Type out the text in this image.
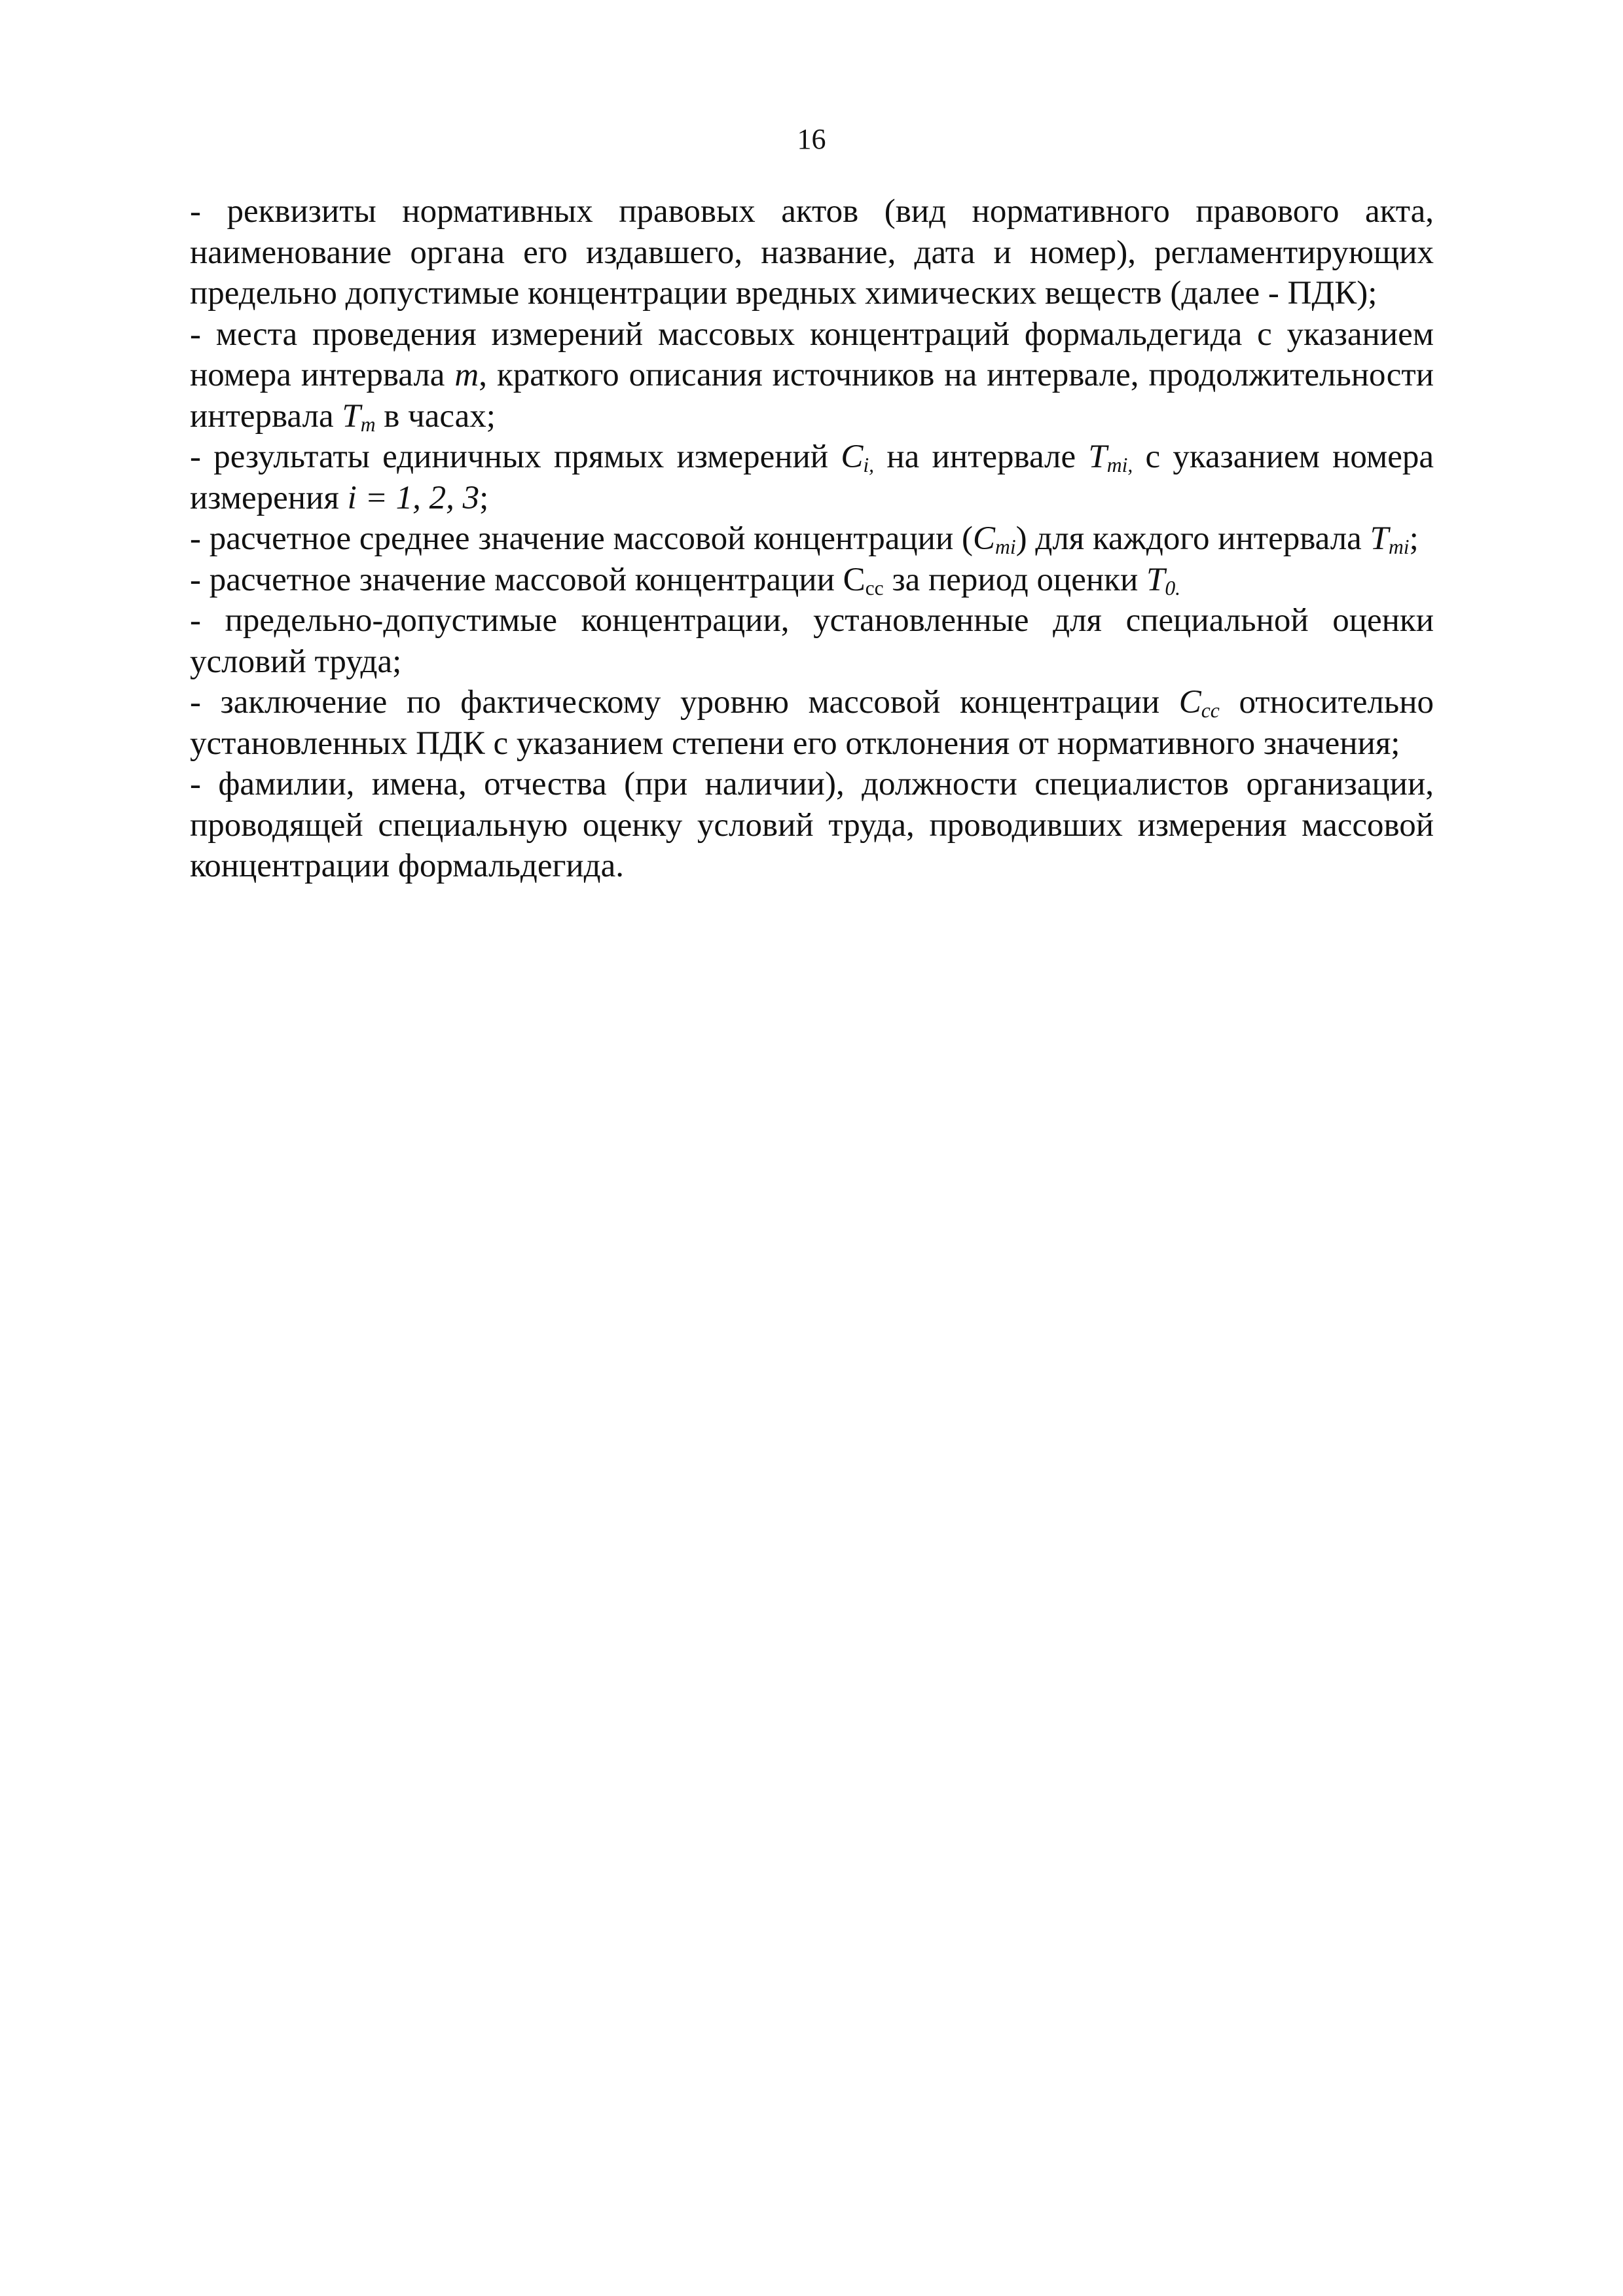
16

- реквизиты нормативных правовых актов (вид нормативного правового акта, наименование органа его издавшего, название, дата и номер), регламентирующих предельно допустимые концентрации вредных химических веществ (далее - ПДК);

- места проведения измерений массовых концентраций формальдегида с указанием номера интервала m, краткого описания источников на интервале, продолжительности интервала $T_m$ в часах;

- результаты единичных прямых измерений $C_{i,}$ на интервале $T_{mi,}$ с указанием номера измерения i = 1, 2, 3;

- расчетное среднее значение массовой концентрации $(C_{mi})$ для каждого интервала $T_{mi}$;

- расчетное значение массовой концентрации $C_{cc}$ за период оценки $T_{0.}$

- предельно-допустимые концентрации, установленные для специальной оценки условий труда;

- заключение по фактическому уровню массовой концентрации $C_{cc}$ относительно установленных ПДК с указанием степени его отклонения от нормативного значения;

- фамилии, имена, отчества (при наличии), должности специалистов организации, проводящей специальную оценку условий труда, проводивших измерения массовой концентрации формальдегида.
